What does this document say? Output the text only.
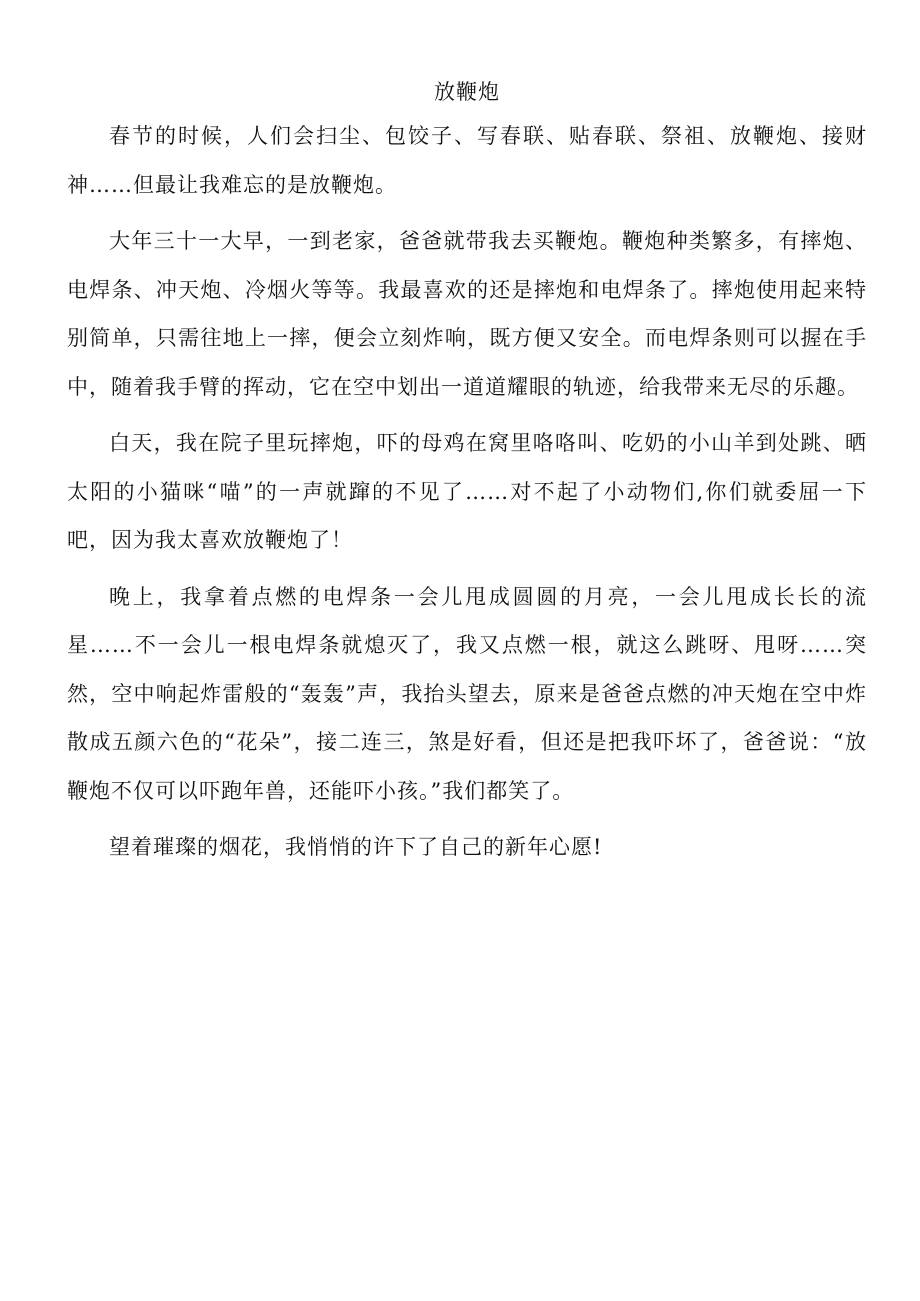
放鞭炮

春节的时候，人们会扫尘、包饺子、写春联、贴春联、祭祖、放鞭炮、接财神……但最让我难忘的是放鞭炮。

大年三十一大早，一到老家，爸爸就带我去买鞭炮。鞭炮种类繁多，有摔炮、电焊条、冲天炮、冷烟火等等。我最喜欢的还是摔炮和电焊条了。摔炮使用起来特别简单，只需往地上一摔，便会立刻炸响，既方便又安全。而电焊条则可以握在手中，随着我手臂的挥动，它在空中划出一道道耀眼的轨迹，给我带来无尽的乐趣。

白天，我在院子里玩摔炮，吓的母鸡在窝里咯咯叫、吃奶的小山羊到处跳、晒太阳的小猫咪“喵”的一声就蹿的不见了……对不起了小动物们,你们就委屈一下吧，因为我太喜欢放鞭炮了！

晚上，我拿着点燃的电焊条一会儿甩成圆圆的月亮，一会儿甩成长长的流星……不一会儿一根电焊条就熄灭了，我又点燃一根，就这么跳呀、甩呀……突然，空中响起炸雷般的“轰轰”声，我抬头望去，原来是爸爸点燃的冲天炮在空中炸散成五颜六色的“花朵”，接二连三，煞是好看，但还是把我吓坏了，爸爸说：“放鞭炮不仅可以吓跑年兽，还能吓小孩。”我们都笑了。

望着璀璨的烟花，我悄悄的许下了自己的新年心愿!
